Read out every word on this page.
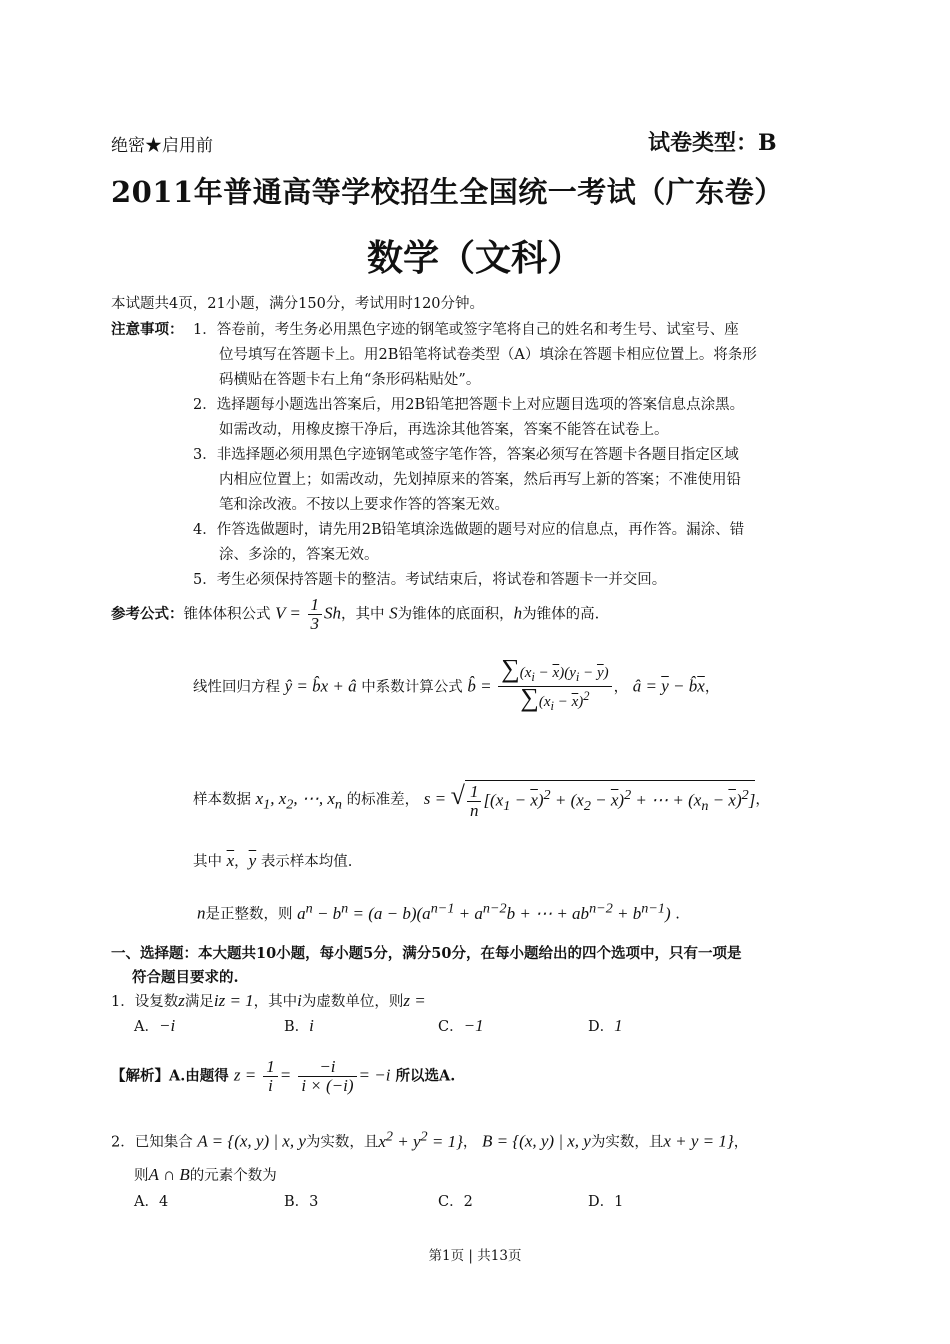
绝密★启用前	试卷类型：B
2011年普通高等学校招生全国统一考试（广东卷）
数学（文科）
本试题共4页，21小题，满分150分，考试用时120分钟。
注意事项： 1．答卷前，考生务必用黑色字迹的钢笔或签字笔将自己的姓名和考生号、试室号、座
位号填写在答题卡上。用2B铅笔将试卷类型（A）填涂在答题卡相应位置上。将条形
码横贴在答题卡右上角“条形码粘贴处”。
2．选择题每小题选出答案后，用2B铅笔把答题卡上对应题目选项的答案信息点涂黑。
如需改动，用橡皮擦干净后，再选涂其他答案，答案不能答在试卷上。
3．非选择题必须用黑色字迹钢笔或签字笔作答，答案必须写在答题卡各题目指定区域
内相应位置上；如需改动，先划掉原来的答案，然后再写上新的答案；不准使用铅
笔和涂改液。不按以上要求作答的答案无效。
4．作答选做题时，请先用2B铅笔填涂选做题的题号对应的信息点，再作答。漏涂、错
涂、多涂的，答案无效。
5．考生必须保持答题卡的整洁。考试结束后，将试卷和答题卡一并交回。
参考公式：锥体体积公式 $V = \frac{1}{3}$ Sh，其中 S为锥体的底面积，h为锥体的高.
线性回归方程 ŷ = b̂x + â 中系数计算公式 b̂ = $\frac{\sum(x_i - \overline{x})(y_i - \overline{y})}{\sum(x_i - \overline{x})^2}$ ， â = $\overline{y}$ − $b̂\overline{x}$，
样本数据 $x_1$, $x_2$, ⋯, $x_n$ 的标准差， s = √ $\frac{1}{n} [(x_1 - \overline{x})^2 + (x_2 - \overline{x})^2$ + ⋯ + $(x_n - \overline{x})^2$]，
其中 $\overline{x}$，$\overline{y}$ 表示样本均值.
n是正整数，则 $a^n - b^n = (a - b)(a^{n-1} + a^{n-2}b$ + ⋯ + $ab^{n-2} + b^{n-1}$) .
一、选择题：本大题共10小题，每小题5分，满分50分，在每小题给出的四个选项中，只有一项是
符合题目要求的.
1．设复数z满足iz = 1，其中i为虚数单位，则z =
A．−i	B．i	C．−1	D．1
【解析】A.由题得 $z = \frac{1}{i} = \frac{-i}{i \times (-i)} = -i$ 所以选A.
2．已知集合 A = {(x, y) | x, y为实数，且$x^2 + y^2 = 1$}， B = {(x, y) | x, y为实数，且x + y = 1}，
则A ∩ B的元素个数为
A．4	B．3	C．2	D．1
第1页 | 共13页
